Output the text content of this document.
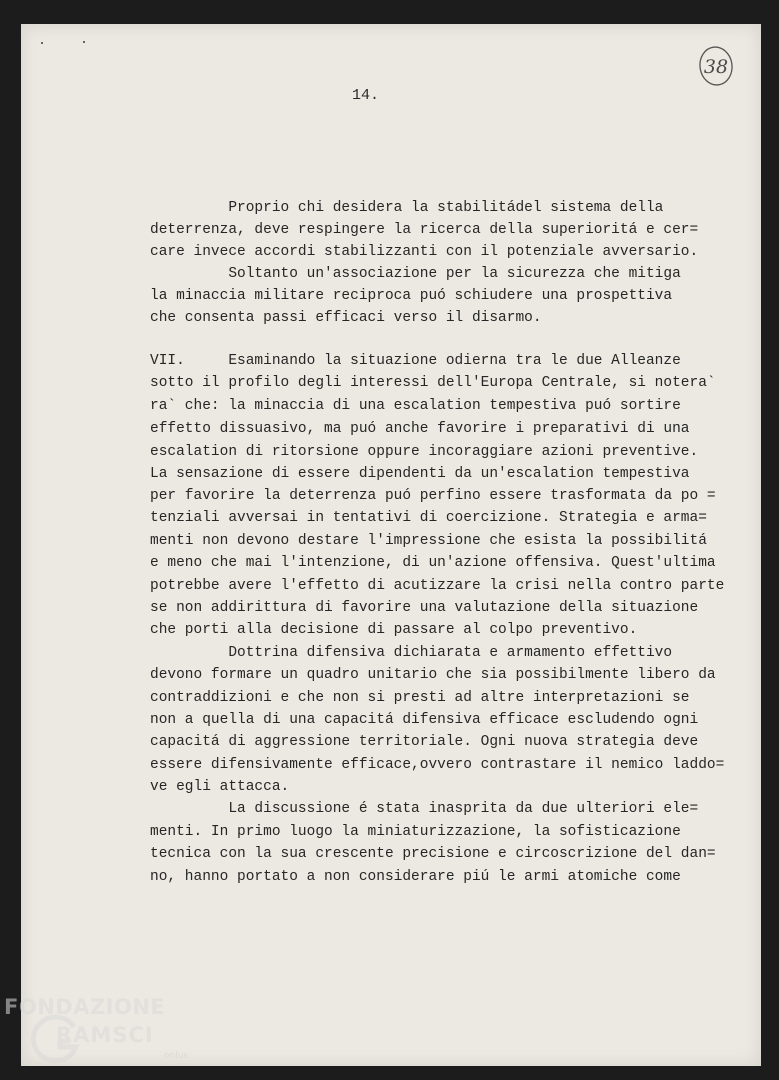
14.
38
Proprio chi desidera la stabilitádel sistema della
deterrenza, deve respingere la ricerca della superioritá e cer=
care invece accordi stabilizzanti con il potenziale avversario.
Soltanto un'associazione per la sicurezza che mitiga
la minaccia militare reciproca puó schiudere una prospettiva
che consenta passi efficaci verso il disarmo.
VII.     Esaminando la situazione odierna tra le due Alleanze
sotto il profilo degli interessi dell'Europa Centrale, si notera`
ra` che: la minaccia di una escalation tempestiva puó sortire
effetto dissuasivo, ma puó anche favorire i preparativi di una
escalation di ritorsione oppure incoraggiare azioni preventive.
La sensazione di essere dipendenti da un'escalation tempestiva
per favorire la deterrenza puó perfino essere trasformata da po =
tenziali avversai in tentativi di coercizione. Strategia e arma=
menti non devono destare l'impressione che esista la possibilitá
e meno che mai l'intenzione, di un'azione offensiva. Quest'ultima
potrebbe avere l'effetto di acutizzare la crisi nella contro parte
se non addirittura di favorire una valutazione della situazione
che porti alla decisione di passare al colpo preventivo.
Dottrina difensiva dichiarata e armamento effettivo
devono formare un quadro unitario che sia possibilmente libero da
contraddizioni e che non si presti ad altre interpretazioni se
non a quella di una capacitá difensiva efficace escludendo ogni
capacitá di aggressione territoriale. Ogni nuova strategia deve
essere difensivamente efficace,ovvero contrastare il nemico laddo=
ve egli attacca.
La discussione é stata inasprita da due ulteriori ele=
menti. In primo luogo la miniaturizzazione, la sofisticazione
tecnica con la sua crescente precisione e circoscrizione del dan=
no, hanno portato a non considerare piú le armi atomiche come
FONDAZIONE
RAMSCI
onlus
